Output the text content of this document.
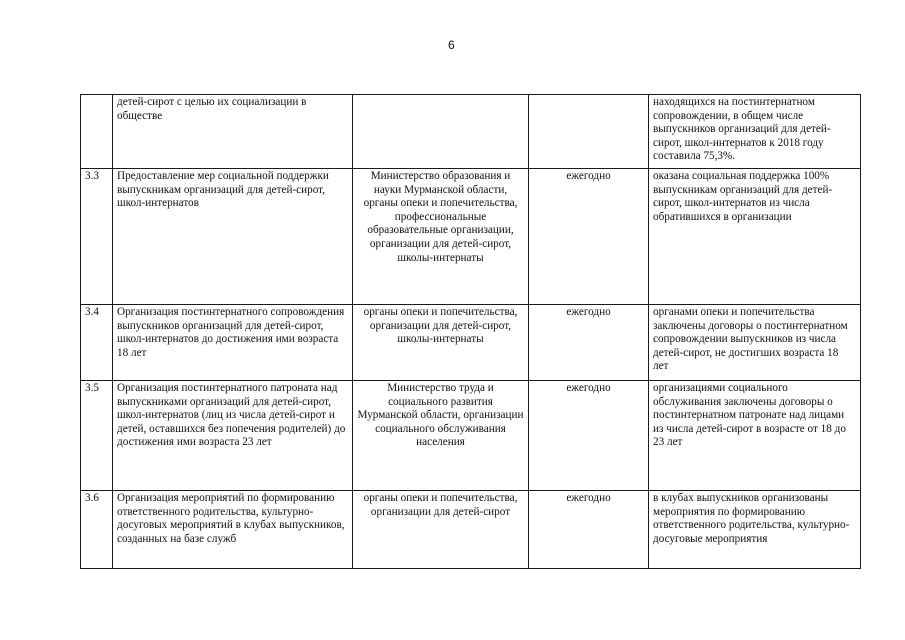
6
	детей-сирот с целью их социализации в обществе			находящихся на постинтернатном сопровождении, в общем числе выпускников организаций для детей-сирот, школ-интернатов к 2018 году составила 75,3%.
3.3	Предоставление мер социальной поддержки выпускникам организаций для детей-сирот, школ-интернатов	Министерство образования и науки Мурманской области, органы опеки и попечительства, профессиональные образовательные организации, организации для детей-сирот, школы-интернаты	ежегодно	оказана социальная поддержка 100% выпускникам организаций для детей-сирот, школ-интернатов из числа обратившихся в организации
3.4	Организация постинтернатного сопровождения выпускников организаций для детей-сирот, школ-интернатов до достижения ими возраста 18 лет	органы опеки и попечительства, организации для детей-сирот, школы-интернаты	ежегодно	органами опеки и попечительства заключены договоры о постинтернатном сопровождении выпускников из числа детей-сирот, не достигших возраста 18 лет
3.5	Организация постинтернатного патроната над выпускниками организаций для детей-сирот, школ-интернатов (лиц из числа детей-сирот и детей, оставшихся без попечения родителей) до достижения ими возраста 23 лет	Министерство труда и социального развития Мурманской области, организации социального обслуживания населения	ежегодно	организациями социального обслуживания заключены договоры о постинтернатном патронате над лицами из числа детей-сирот в возрасте от 18 до 23 лет
3.6	Организация мероприятий по формированию ответственного родительства, культурно-досуговых мероприятий в клубах выпускников, созданных на базе служб	органы опеки и попечительства, организации для детей-сирот	ежегодно	в клубах выпускников организованы мероприятия по формированию ответственного родительства, культурно-досуговые мероприятия
